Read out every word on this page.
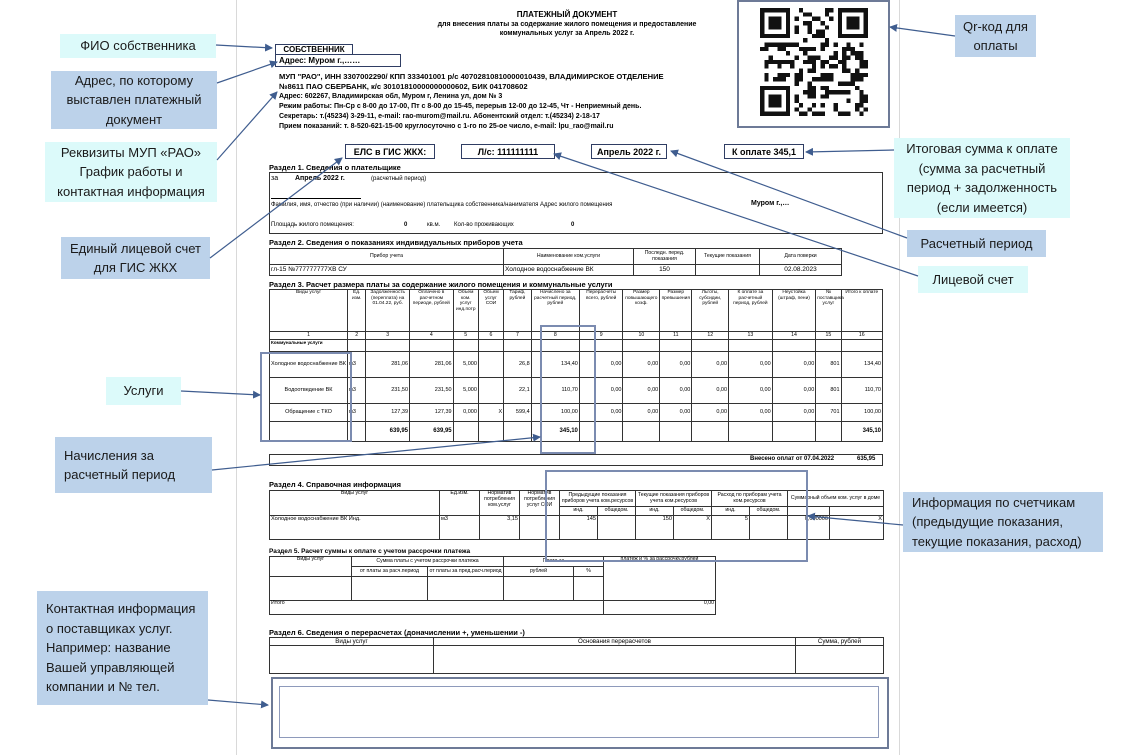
ПЛАТЕЖНЫЙ ДОКУМЕНТ
для внесения платы за содержание жилого помещения и предоставление
коммунальных услуг за Апрель 2022 г.
СОБСТВЕННИК
Адрес: Муром г.,……
МУП "РАО", ИНН 3307002290/ КПП 333401001 р/с 40702810810000010439, ВЛАДИМИРСКОЕ ОТДЕЛЕНИЕ
№8611 ПАО СБЕРБАНК, к/с 30101810000000000602, БИК 041708602
Адрес: 602267, Владимирская обл, Муром г, Ленина ул, дом № 3
Режим работы: Пн-Ср с 8-00 до 17-00, Пт с 8-00 до 15-45, перерыв 12-00 до 12-45, Чт - Неприемный день.
Секретарь: т.(45234) 3-29-11, e-mail: rao-murom@mail.ru. Абонентский отдел: т.(45234) 2-18-17
Прием показаний: т. 8-520-621-15-00 круглосуточно с 1-го по 25-ое число, e-mail: lpu_rao@mail.ru
ЕЛС в ГИС ЖКХ:	Л/с: 111111111	Апрель 2022 г.	К оплате 345,1
Раздел 1. Сведения о плательщике
за Апрель 2022 г.	(расчетный период)
Фамилия, имя, отчество (при наличии) (наименование) плательщика собственника/нанимателя Адрес жилого помещения	Муром г.,…
Площадь жилого помещения:	0	кв.м. Кол-во проживающих	0
Раздел 2. Сведения о показаниях индивидуальных приборов учета
Прибор учета	Наименование ком.услуги	Последн. перед. показания	Текущие показания	Дата поверки
гл-15 №777777777ХВ СУ	Холодное водоснабжение ВК	150		02.08.2023
Раздел 3. Расчет размера платы за содержание жилого помещения и коммунальные услуги
Виды услуг	Ед. изм.	Задолженность (переплата) на 01.04.22, руб.	Оплачено в расчетном периоде, рублей	Объем ком. услуг инд.потр	Объем услуг СОИ	Тариф, рублей	Начислено за расчетный период, рублей	Перерасчеты всего, рублей	Размер повышающего коэф.	Размер превышения	Льготы, субсидии, рублей	К оплате за расчетный период, рублей	Неустойка (штраф, пени)	№ поставщика услуг	Итого к оплате
1	2	3	4	5	6	7	8	9	10	11	12	13	14	15	16
Коммунальные услуги															
Холодное водоснабжение ВК	м3	281,06	281,06	5,000		26,8	134,40	0,00	0,00	0,00	0,00	0,00	0,00	801	134,40
Водоотведение ВК	м3	231,50	231,50	5,000		22,1	110,70	0,00	0,00	0,00	0,00	0,00	0,00	801	110,70
Обращение с ТКО	м3	127,39	127,39	0,000	Х	599,4	100,00	0,00	0,00	0,00	0,00	0,00	0,00	701	100,00
		639,95	639,95				345,10								345,10
Внесено оплат от 07.04.2022	635,95
Раздел 4. Справочная информация
Виды услуг	Ед.изм.	Норматив потребления ком.услуг	Норматив потребления услуг СОИ	Предыдущие показания приборов учета ком.ресурсов		Текущие показания приборов учета ком.ресурсов		Расход по приборам учета ком.ресурсов		Суммарный объем ком. услуг в доме	
				инд.	общедом.	инд.	общедом.	инд.	общедом.		
Холодное водоснабжение ВК Инд.	м3	3,15		145		150	Х	5		0,000000	Х
Раздел 5. Расчет суммы к оплате с учетом рассрочки платежа
Виды услуг	Сумма платы с учетом рассрочки платежа		Плата за		платеж и % за рассрочку,рублей
	от платы за расч.период	от платы за пред.расч.период	рублей	%	

Итого					0,00
Раздел 6. Сведения о перерасчетах (доначислении +, уменьшении -)
Виды услуг	Основания перерасчетов	Сумма, рублей

ФИО собственника
Адрес, по которому
выставлен платежный
документ
Реквизиты МУП «РАО»
График работы и
контактная информация
Единый лицевой счет
для ГИС ЖКХ
Услуги
Начисления за
расчетный период
Контактная информация
о поставщиках услуг.
Например: название
Вашей управляющей
компании и № тел.
Qr-код для
оплаты
Итоговая сумма к оплате
(сумма за расчетный
период + задолженность
(если имеется)
Расчетный период
Лицевой счет
Информация по счетчикам
(предыдущие показания,
текущие показания, расход)
